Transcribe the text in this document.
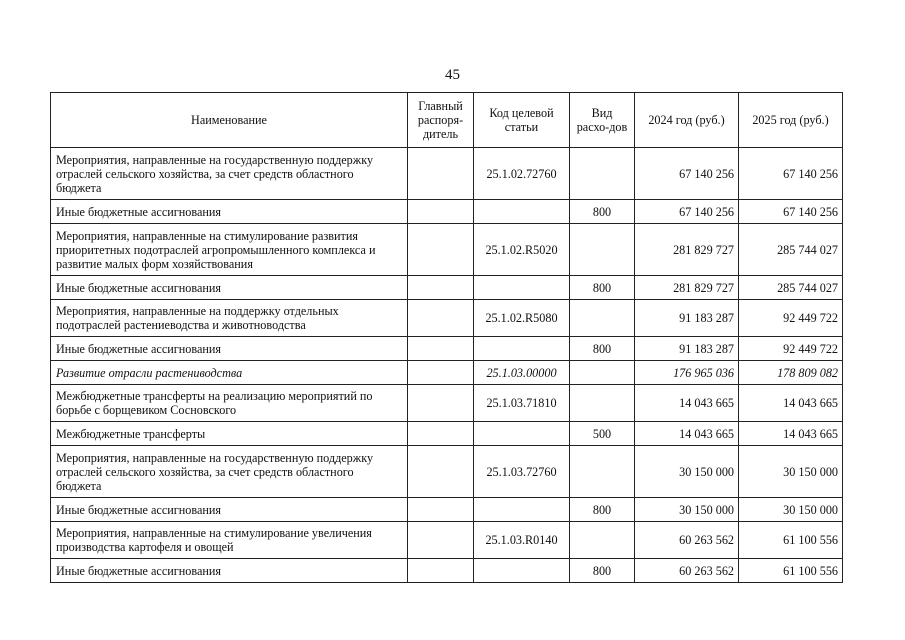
45
Наименование	Главный распоря-дитель	Код целевой статьи	Вид расхо-дов	2024 год (руб.)	2025 год (руб.)
Мероприятия, направленные на государственную поддержку отраслей сельского хозяйства, за счет средств областного бюджета		25.1.02.72760		67 140 256	67 140 256
Иные бюджетные ассигнования			800	67 140 256	67 140 256
Мероприятия, направленные на стимулирование развития приоритетных подотраслей агропромышленного комплекса и развитие малых форм хозяйствования		25.1.02.R5020		281 829 727	285 744 027
Иные бюджетные ассигнования			800	281 829 727	285 744 027
Мероприятия, направленные на поддержку отдельных подотраслей растениеводства и животноводства		25.1.02.R5080		91 183 287	92 449 722
Иные бюджетные ассигнования			800	91 183 287	92 449 722
Развитие отрасли растениводства		25.1.03.00000		176 965 036	178 809 082
Межбюджетные трансферты на реализацию мероприятий по борьбе с борщевиком Сосновского		25.1.03.71810		14 043 665	14 043 665
Межбюджетные трансферты			500	14 043 665	14 043 665
Мероприятия, направленные на государственную поддержку отраслей сельского хозяйства, за счет средств областного бюджета		25.1.03.72760		30 150 000	30 150 000
Иные бюджетные ассигнования			800	30 150 000	30 150 000
Мероприятия, направленные на стимулирование увеличения производства картофеля и овощей		25.1.03.R0140		60 263 562	61 100 556
Иные бюджетные ассигнования			800	60 263 562	61 100 556
